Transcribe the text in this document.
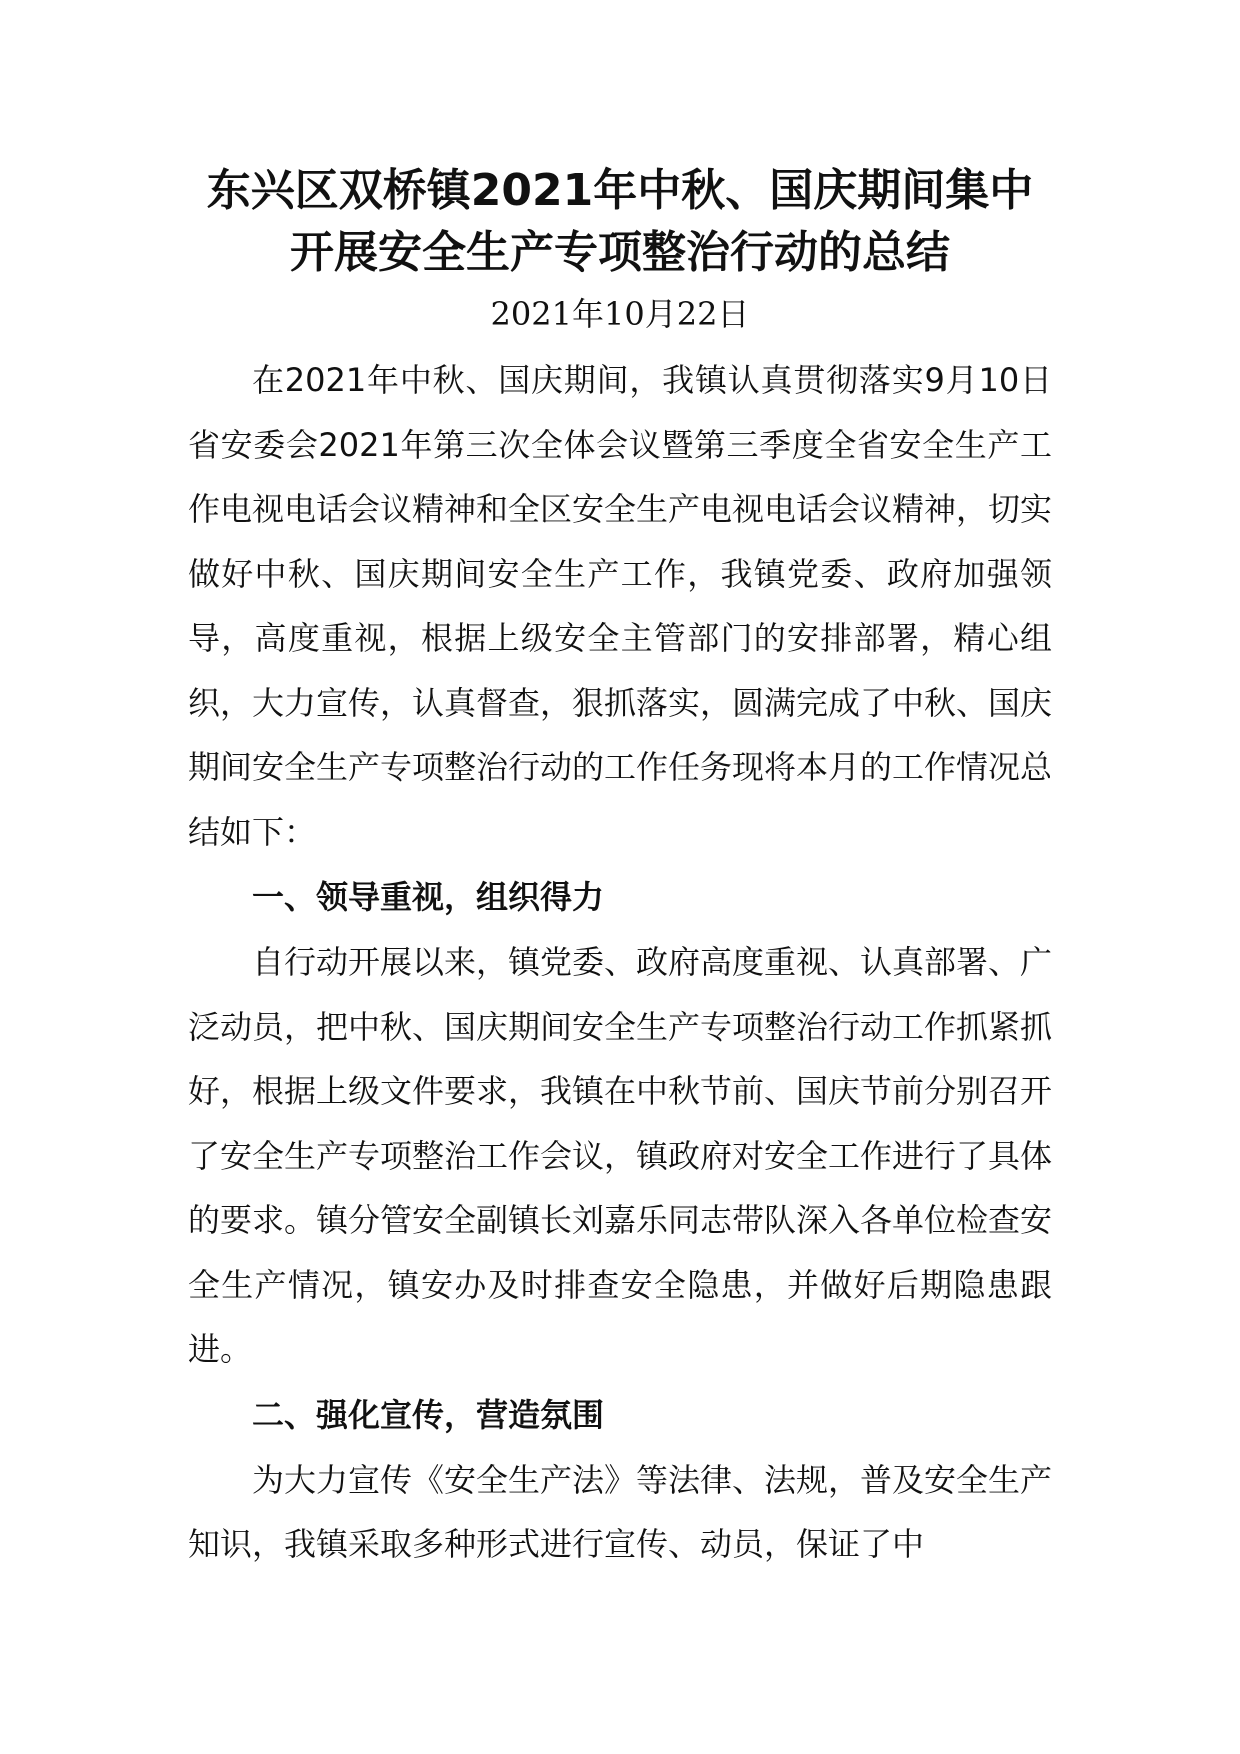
东兴区双桥镇2021年中秋、国庆期间集中
开展安全生产专项整治行动的总结
2021年10月22日

在2021年中秋、国庆期间，我镇认真贯彻落实9月10日省安委会2021年第三次全体会议暨第三季度全省安全生产工作电视电话会议精神和全区安全生产电视电话会议精神，切实做好中秋、国庆期间安全生产工作，我镇党委、政府加强领导，高度重视，根据上级安全主管部门的安排部署，精心组织，大力宣传，认真督查，狠抓落实，圆满完成了中秋、国庆期间安全生产专项整治行动的工作任务现将本月的工作情况总结如下：

一、领导重视，组织得力

自行动开展以来，镇党委、政府高度重视、认真部署、广泛动员，把中秋、国庆期间安全生产专项整治行动工作抓紧抓好，根据上级文件要求，我镇在中秋节前、国庆节前分别召开了安全生产专项整治工作会议，镇政府对安全工作进行了具体的要求。镇分管安全副镇长刘嘉乐同志带队深入各单位检查安全生产情况，镇安办及时排查安全隐患，并做好后期隐患跟进。

二、强化宣传，营造氛围

为大力宣传《安全生产法》等法律、法规，普及安全生产知识，我镇采取多种形式进行宣传、动员，保证了中
